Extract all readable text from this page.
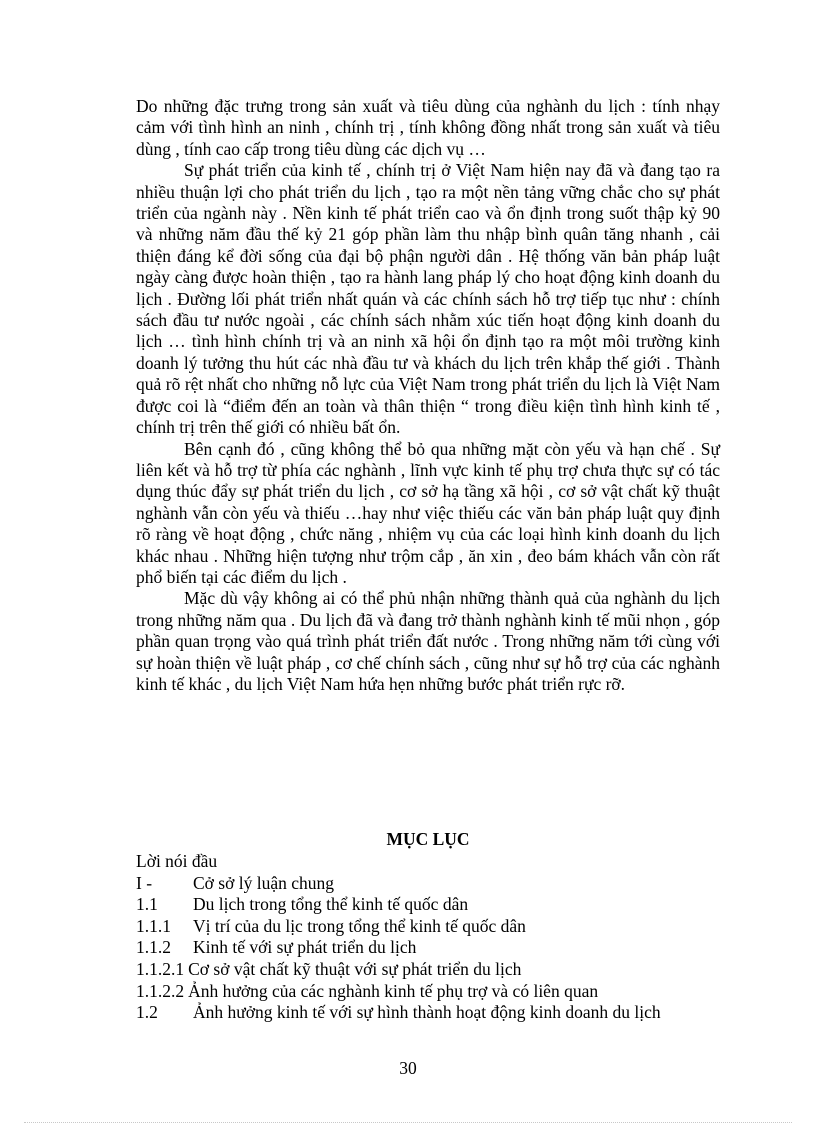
Do những đặc trưng trong sản xuất và tiêu dùng của nghành du lịch : tính nhạy cảm với tình hình an ninh , chính trị , tính không đồng nhất trong sản xuất và tiêu dùng , tính cao cấp trong tiêu dùng các dịch vụ …

Sự phát triển của kinh tế , chính trị ở Việt Nam hiện nay đã và đang tạo ra nhiều thuận lợi cho phát triển du lịch , tạo ra một nền tảng vững chắc cho sự phát triển của ngành này . Nền kinh tế phát triển cao và ổn định trong suốt thập kỷ 90 và những năm đầu thế kỷ 21 góp phần làm thu nhập bình quân tăng nhanh , cải thiện đáng kể đời sống của đại bộ phận người dân . Hệ thống văn bản pháp luật ngày càng được hoàn thiện , tạo ra hành lang pháp lý cho hoạt động kinh doanh du lịch . Đường lối phát triển nhất quán và các chính sách hỗ trợ tiếp tục như : chính sách đầu tư nước ngoài , các chính sách nhằm xúc tiến hoạt động kinh doanh du lịch … tình hình chính trị và an ninh xã hội ổn định tạo ra một môi trường kinh doanh lý tưởng thu hút các nhà đầu tư và khách du lịch trên khắp thế giới . Thành quả rõ rệt nhất cho những nỗ lực của Việt Nam trong phát triển du lịch là Việt Nam được coi là “điểm đến an toàn và thân thiện “ trong điều kiện tình hình kinh tế , chính trị trên thế giới có nhiều bất ổn.

Bên cạnh đó , cũng không thể bỏ qua những mặt còn yếu và hạn chế . Sự liên kết và hỗ trợ từ phía các nghành , lĩnh vực kinh tế phụ trợ chưa thực sự có tác dụng thúc đẩy sự phát triển du lịch , cơ sở hạ tầng xã hội , cơ sở vật chất kỹ thuật nghành vẫn còn yếu và thiếu …hay như việc thiếu các văn bản pháp luật quy định rõ ràng về hoạt động , chức năng , nhiệm vụ của các loại hình kinh doanh du lịch khác nhau . Những hiện tượng như trộm cắp , ăn xin , đeo bám khách vẫn còn rất phổ biến tại các điểm du lịch .

Mặc dù vậy không ai có thể phủ nhận những thành quả của nghành du lịch trong những năm qua . Du lịch đã và đang trở thành nghành kinh tế mũi nhọn , góp phần quan trọng vào quá trình phát triển đất nước . Trong những năm tới cùng với sự hoàn thiện về luật pháp , cơ chế chính sách , cũng như sự hỗ trợ của các nghành kinh tế khác , du lịch Việt Nam hứa hẹn những bước phát triển rực rỡ.

MỤC LỤC
Lời nói đầu
I -	Cở sở lý luận chung
1.1	Du lịch trong tổng thể kinh tế quốc dân
1.1.1	Vị trí của du lịc trong tổng thể kinh tế quốc dân
1.1.2	Kinh tế với sự phát triển du lịch
1.1.2.1 Cơ sở vật chất kỹ thuật với sự phát triển du lịch
1.1.2.2 Ảnh hưởng của các nghành kinh tế phụ trợ và có liên quan
1.2	Ảnh hưởng kinh tế với sự hình thành hoạt động kinh doanh du lịch
30
